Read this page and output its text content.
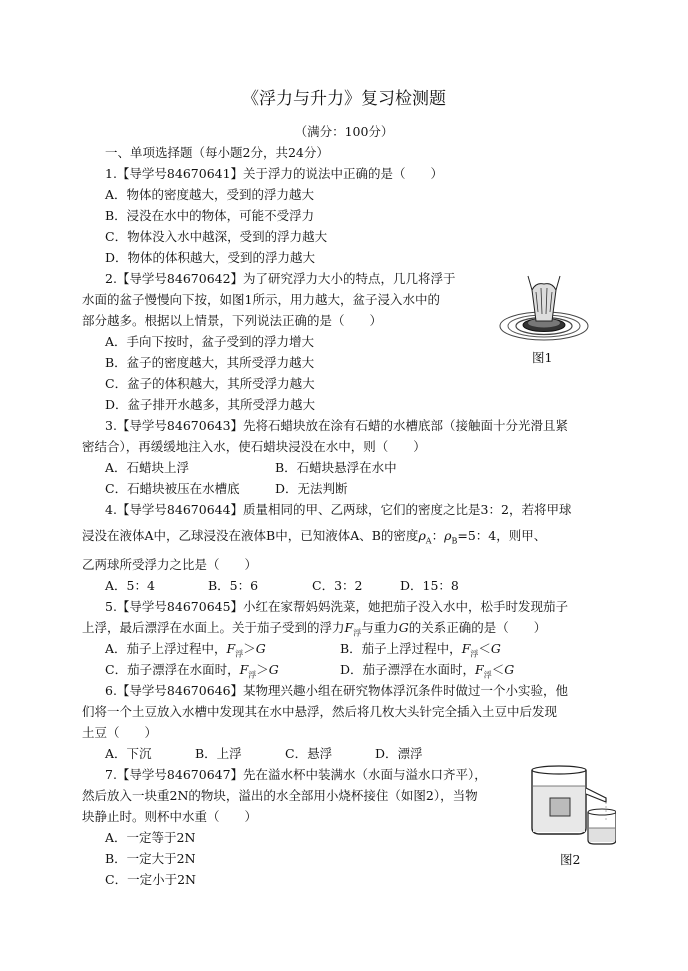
《浮力与升力》复习检测题
（满分：100分）
一、单项选择题（每小题2分，共24分）
1.【导学号84670641】关于浮力的说法中正确的是（　　）
A．物体的密度越大，受到的浮力越大
B．浸没在水中的物体，可能不受浮力
C．物体没入水中越深，受到的浮力越大
D．物体的体积越大，受到的浮力越大
2.【导学号84670642】为了研究浮力大小的特点，几几将浮于
水面的盆子慢慢向下按，如图1所示，用力越大，盆子浸入水中的
部分越多。根据以上情景，下列说法正确的是（　　）
A．手向下按时，盆子受到的浮力增大
B．盆子的密度越大，其所受浮力越大
C．盆子的体积越大，其所受浮力越大
D．盆子排开水越多，其所受浮力越大
图1
3.【导学号84670643】先将石蜡块放在涂有石蜡的水槽底部（接触面十分光滑且紧
密结合），再缓缓地注入水，使石蜡块浸没在水中，则（　　）
A．石蜡块上浮	B．石蜡块悬浮在水中
C．石蜡块被压在水槽底	D．无法判断
4.【导学号84670644】质量相同的甲、乙两球，它们的密度之比是3：2，若将甲球
浸没在液体A中，乙球浸没在液体B中，已知液体A、B的密度$\rho_A$：$\rho_B=5$：4，则甲、
乙两球所受浮力之比是（　　）
A．5：4	B．5：6	C．3：2	D．15：8
5.【导学号84670645】小红在家帮妈妈洗菜，她把茄子没入水中，松手时发现茄子
上浮，最后漂浮在水面上。关于茄子受到的浮力$F_浮$与重力G的关系正确的是（　　）
A．茄子上浮过程中，$F_浮>G$	B．茄子上浮过程中，$F_浮<G$
C．茄子漂浮在水面时，$F_浮>G$	D．茄子漂浮在水面时，$F_浮<G$
6.【导学号84670646】某物理兴趣小组在研究物体浮沉条件时做过一个小实验，他
们将一个土豆放入水槽中发现其在水中悬浮，然后将几枚大头针完全插入土豆中后发现
土豆（　　）
A．下沉	B．上浮	C．悬浮	D．漂浮
7.【导学号84670647】先在溢水杯中装满水（水面与溢水口齐平），
然后放入一块重2N的物块，溢出的水全部用小烧杯接住（如图2），当物
块静止时。则杯中水重（　　）
A．一定等于2N
B．一定大于2N
C．一定小于2N
图2
